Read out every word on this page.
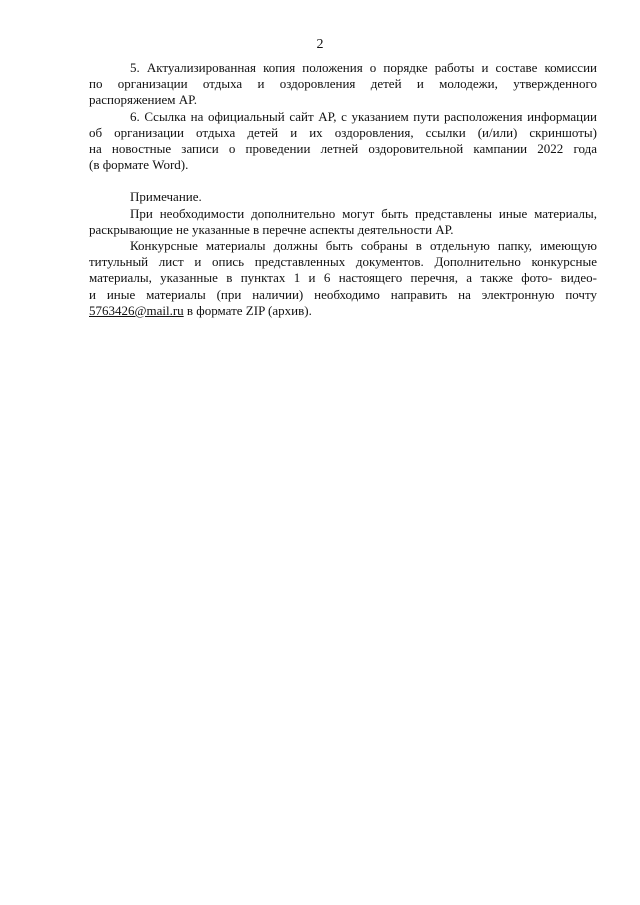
2

5. Актуализированная копия положения о порядке работы и составе комиссии
по организации отдыха и оздоровления детей и молодежи, утвержденного
распоряжением АР.

6. Ссылка на официальный сайт АР, с указанием пути расположения информации
об организации отдыха детей и их оздоровления, ссылки (и/или) скриншоты)
на новостные записи о проведении летней оздоровительной кампании 2022 года
(в формате Word).

Примечание.

При необходимости дополнительно могут быть представлены иные материалы,
раскрывающие не указанные в перечне аспекты деятельности АР.

Конкурсные материалы должны быть собраны в отдельную папку, имеющую
титульный лист и опись представленных документов. Дополнительно конкурсные
материалы, указанные в пунктах 1 и 6 настоящего перечня, а также фото- видео-
и иные материалы (при наличии) необходимо направить на электронную почту
5763426@mail.ru в формате ZIP (архив).
